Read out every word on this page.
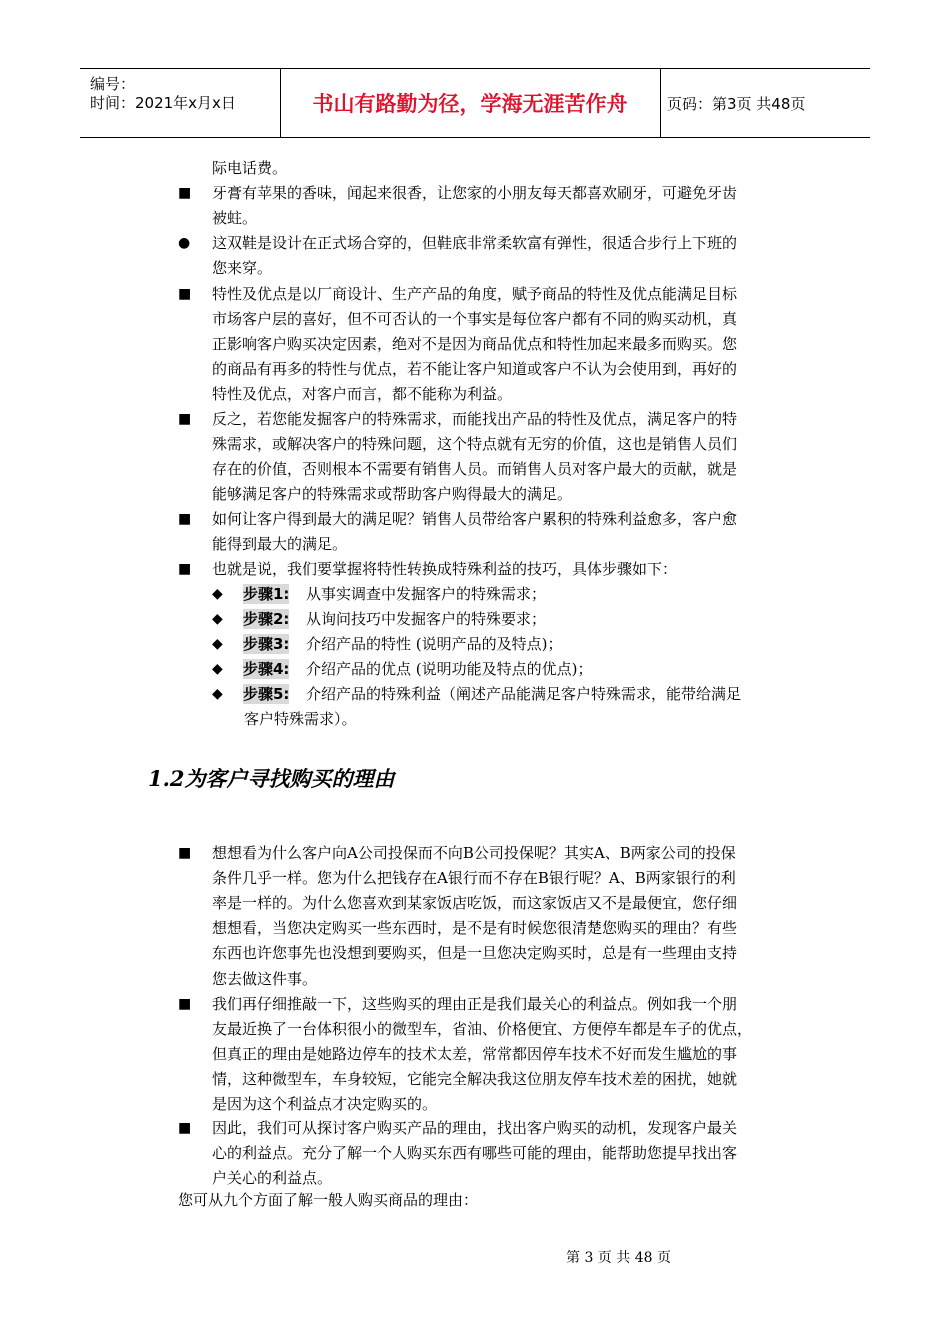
编号：
时间：2021年x月x日	书山有路勤为径，学海无涯苦作舟	页码：第3页 共48页
际电话费。
■ 牙膏有苹果的香味，闻起来很香，让您家的小朋友每天都喜欢刷牙，可避免牙齿
被蛀。
● 这双鞋是设计在正式场合穿的，但鞋底非常柔软富有弹性，很适合步行上下班的
您来穿。
■ 特性及优点是以厂商设计、生产产品的角度，赋予商品的特性及优点能满足目标
市场客户层的喜好，但不可否认的一个事实是每位客户都有不同的购买动机，真
正影响客户购买决定因素，绝对不是因为商品优点和特性加起来最多而购买。您
的商品有再多的特性与优点，若不能让客户知道或客户不认为会使用到，再好的
特性及优点，对客户而言，都不能称为利益。
■ 反之，若您能发掘客户的特殊需求，而能找出产品的特性及优点，满足客户的特
殊需求，或解决客户的特殊问题，这个特点就有无穷的价值，这也是销售人员们
存在的价值，否则根本不需要有销售人员。而销售人员对客户最大的贡献，就是
能够满足客户的特殊需求或帮助客户购得最大的满足。
■ 如何让客户得到最大的满足呢？销售人员带给客户累积的特殊利益愈多，客户愈
能得到最大的满足。
■ 也就是说，我们要掌握将特性转换成特殊利益的技巧，具体步骤如下：
◆ 步骤1: 从事实调查中发掘客户的特殊需求；
◆ 步骤2: 从询问技巧中发掘客户的特殊要求；
◆ 步骤3: 介绍产品的特性 (说明产品的及特点)；
◆ 步骤4: 介绍产品的优点 (说明功能及特点的优点)；
◆ 步骤5: 介绍产品的特殊利益（阐述产品能满足客户特殊需求，能带给满足
客户特殊需求）。
■ 想想看为什么客户向A公司投保而不向B公司投保呢？其实A、B两家公司的投保
条件几乎一样。您为什么把钱存在A银行而不存在B银行呢？A、B两家银行的利
率是一样的。为什么您喜欢到某家饭店吃饭，而这家饭店又不是最便宜，您仔细
想想看，当您决定购买一些东西时，是不是有时候您很清楚您购买的理由？有些
东西也许您事先也没想到要购买，但是一旦您决定购买时，总是有一些理由支持
您去做这件事。
■ 我们再仔细推敲一下，这些购买的理由正是我们最关心的利益点。例如我一个朋
友最近换了一台体积很小的微型车，省油、价格便宜、方便停车都是车子的优点，
但真正的理由是她路边停车的技术太差，常常都因停车技术不好而发生尴尬的事
情，这种微型车，车身较短，它能完全解决我这位朋友停车技术差的困扰，她就
是因为这个利益点才决定购买的。
■ 因此，我们可从探讨客户购买产品的理由，找出客户购买的动机，发现客户最关
心的利益点。充分了解一个人购买东西有哪些可能的理由，能帮助您提早找出客
户关心的利益点。
1.2为客户寻找购买的理由
您可从九个方面了解一般人购买商品的理由：
第 3 页 共 48 页
